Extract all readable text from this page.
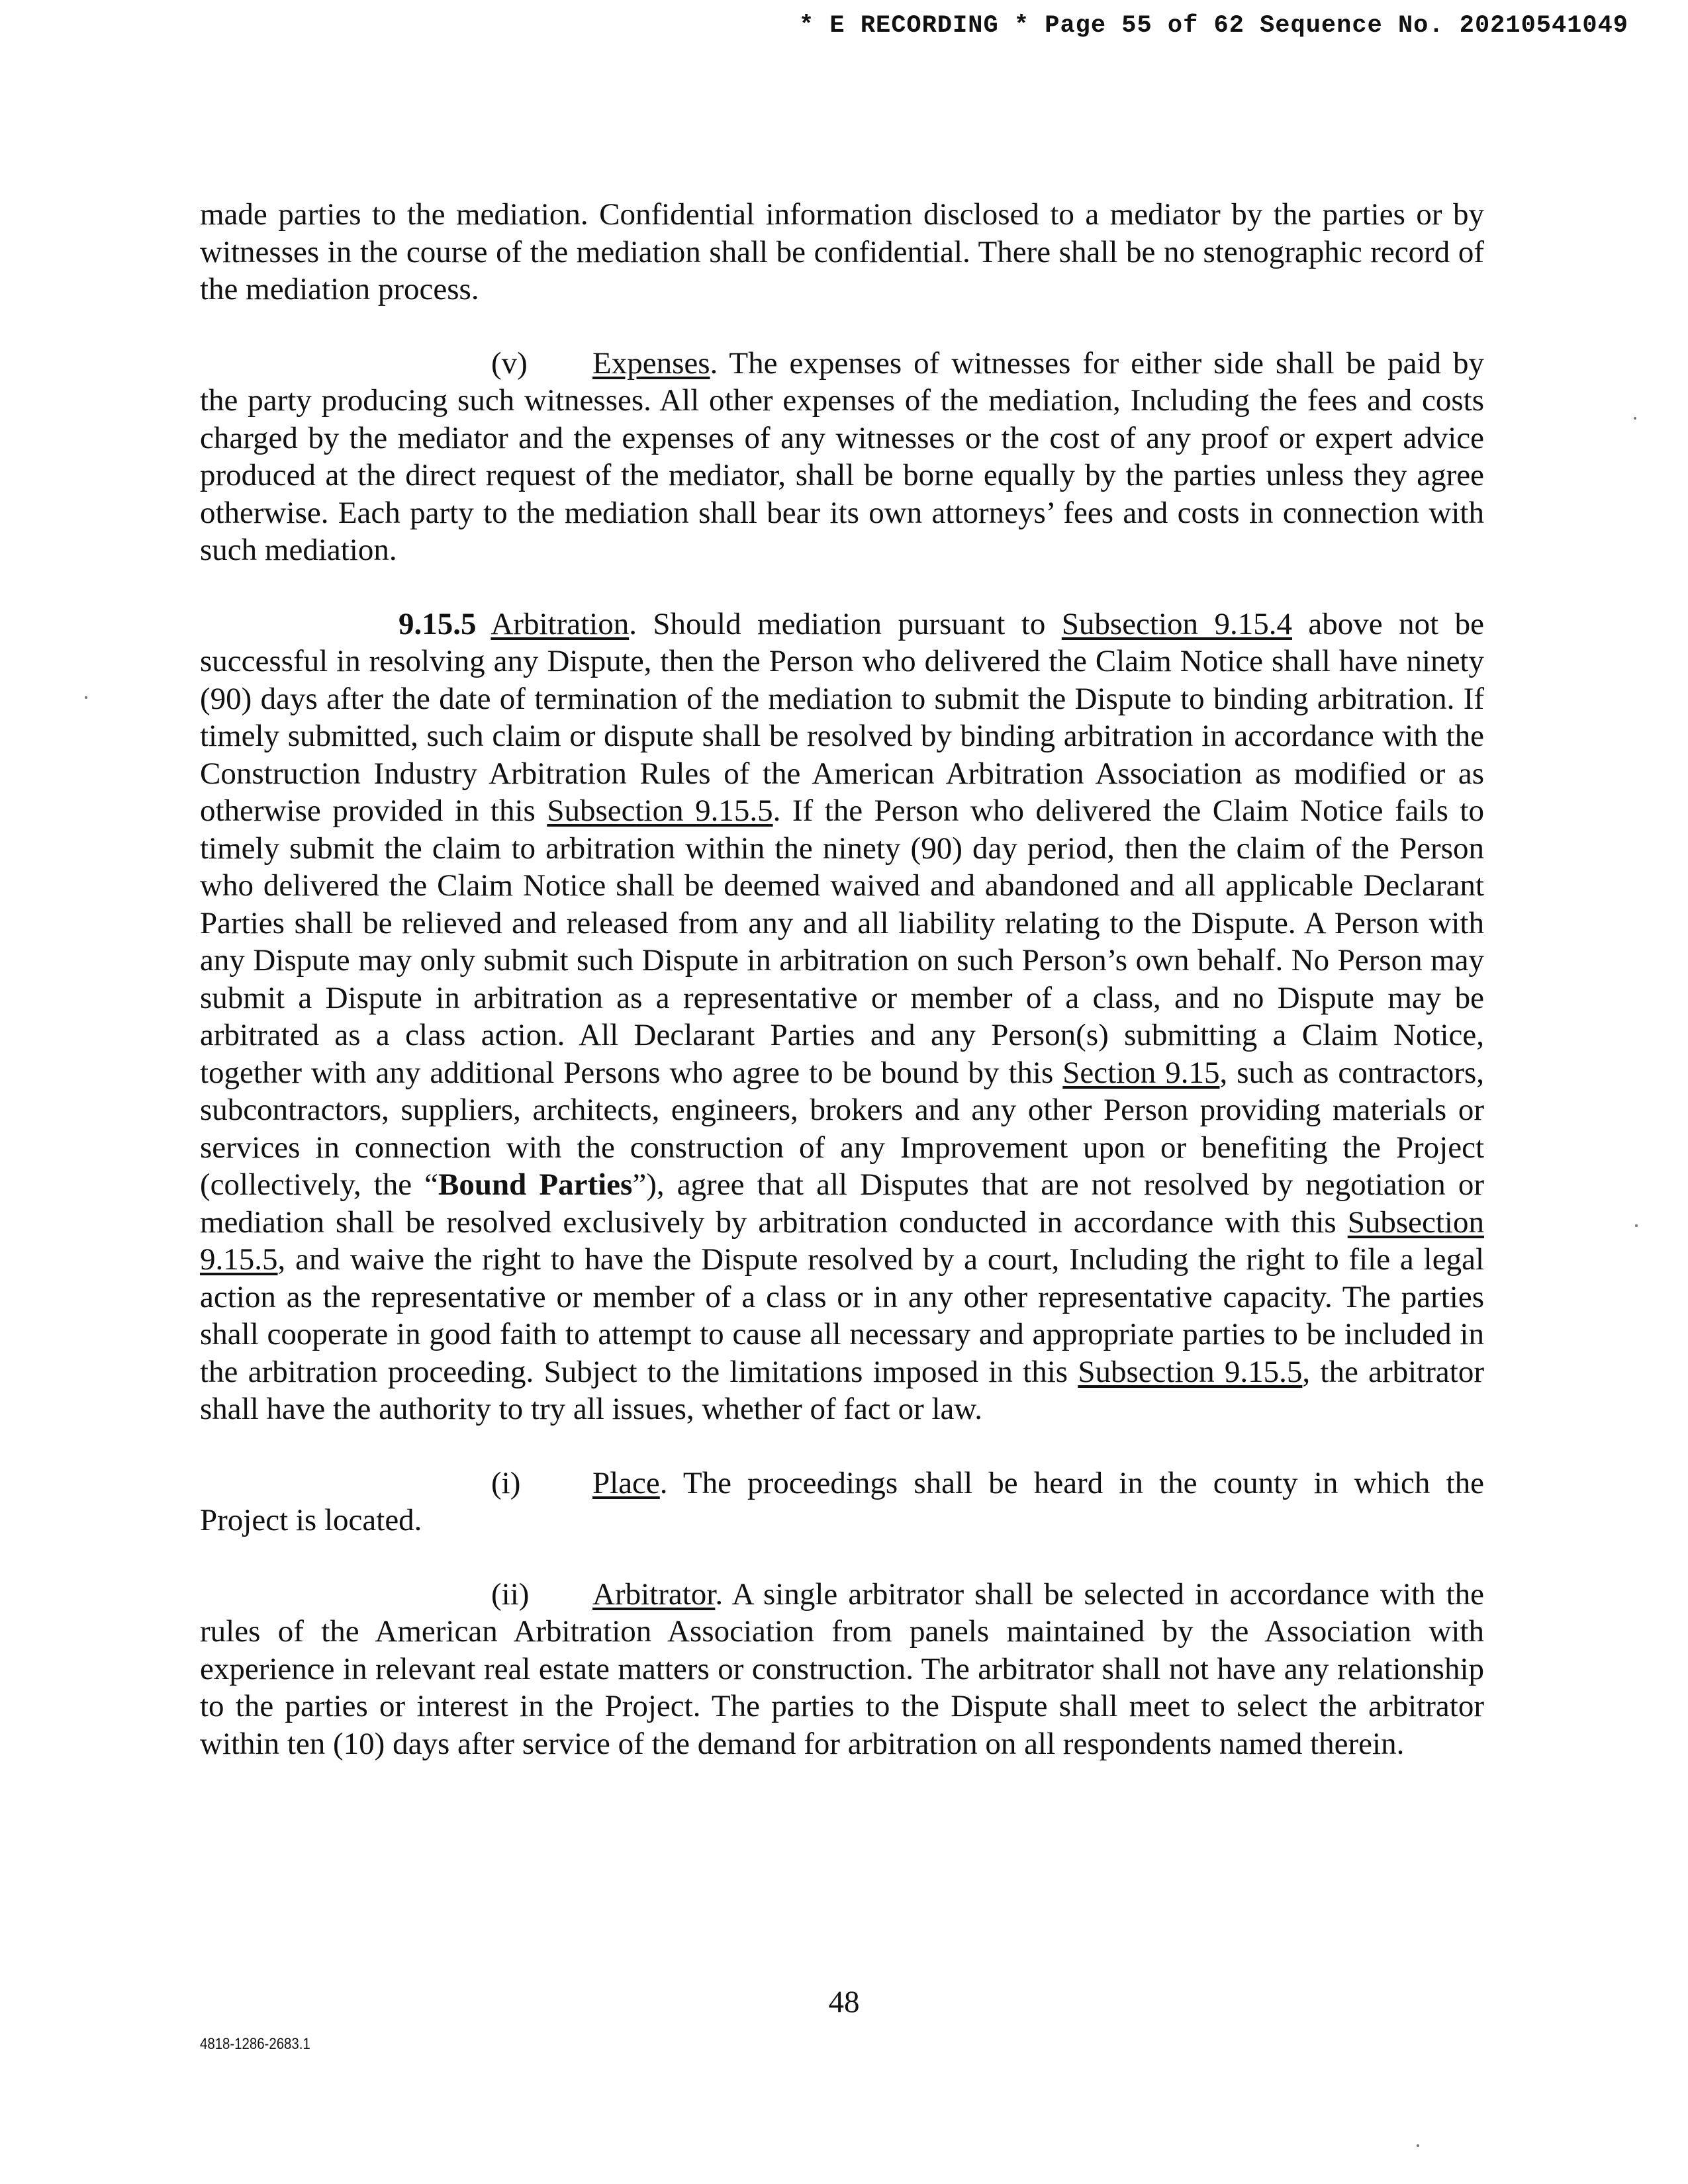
* E RECORDING * Page 55 of 62 Sequence No. 20210541049

made parties to the mediation. Confidential information disclosed to a mediator by the parties or by witnesses in the course of the mediation shall be confidential. There shall be no stenographic record of the mediation process.

(v) Expenses. The expenses of witnesses for either side shall be paid by the party producing such witnesses. All other expenses of the mediation, Including the fees and costs charged by the mediator and the expenses of any witnesses or the cost of any proof or expert advice produced at the direct request of the mediator, shall be borne equally by the parties unless they agree otherwise. Each party to the mediation shall bear its own attorneys’ fees and costs in connection with such mediation.

9.15.5 Arbitration. Should mediation pursuant to Subsection 9.15.4 above not be successful in resolving any Dispute, then the Person who delivered the Claim Notice shall have ninety (90) days after the date of termination of the mediation to submit the Dispute to binding arbitration. If timely submitted, such claim or dispute shall be resolved by binding arbitration in accordance with the Construction Industry Arbitration Rules of the American Arbitration Association as modified or as otherwise provided in this Subsection 9.15.5. If the Person who delivered the Claim Notice fails to timely submit the claim to arbitration within the ninety (90) day period, then the claim of the Person who delivered the Claim Notice shall be deemed waived and abandoned and all applicable Declarant Parties shall be relieved and released from any and all liability relating to the Dispute. A Person with any Dispute may only submit such Dispute in arbitration on such Person’s own behalf. No Person may submit a Dispute in arbitration as a representative or member of a class, and no Dispute may be arbitrated as a class action. All Declarant Parties and any Person(s) submitting a Claim Notice, together with any additional Persons who agree to be bound by this Section 9.15, such as contractors, subcontractors, suppliers, architects, engineers, brokers and any other Person providing materials or services in connection with the construction of any Improvement upon or benefiting the Project (collectively, the “Bound Parties”), agree that all Disputes that are not resolved by negotiation or mediation shall be resolved exclusively by arbitration conducted in accordance with this Subsection 9.15.5, and waive the right to have the Dispute resolved by a court, Including the right to file a legal action as the representative or member of a class or in any other representative capacity. The parties shall cooperate in good faith to attempt to cause all necessary and appropriate parties to be included in the arbitration proceeding. Subject to the limitations imposed in this Subsection 9.15.5, the arbitrator shall have the authority to try all issues, whether of fact or law.

(i) Place. The proceedings shall be heard in the county in which the Project is located.

(ii) Arbitrator. A single arbitrator shall be selected in accordance with the rules of the American Arbitration Association from panels maintained by the Association with experience in relevant real estate matters or construction. The arbitrator shall not have any relationship to the parties or interest in the Project. The parties to the Dispute shall meet to select the arbitrator within ten (10) days after service of the demand for arbitration on all respondents named therein.

48
4818-1286-2683.1
